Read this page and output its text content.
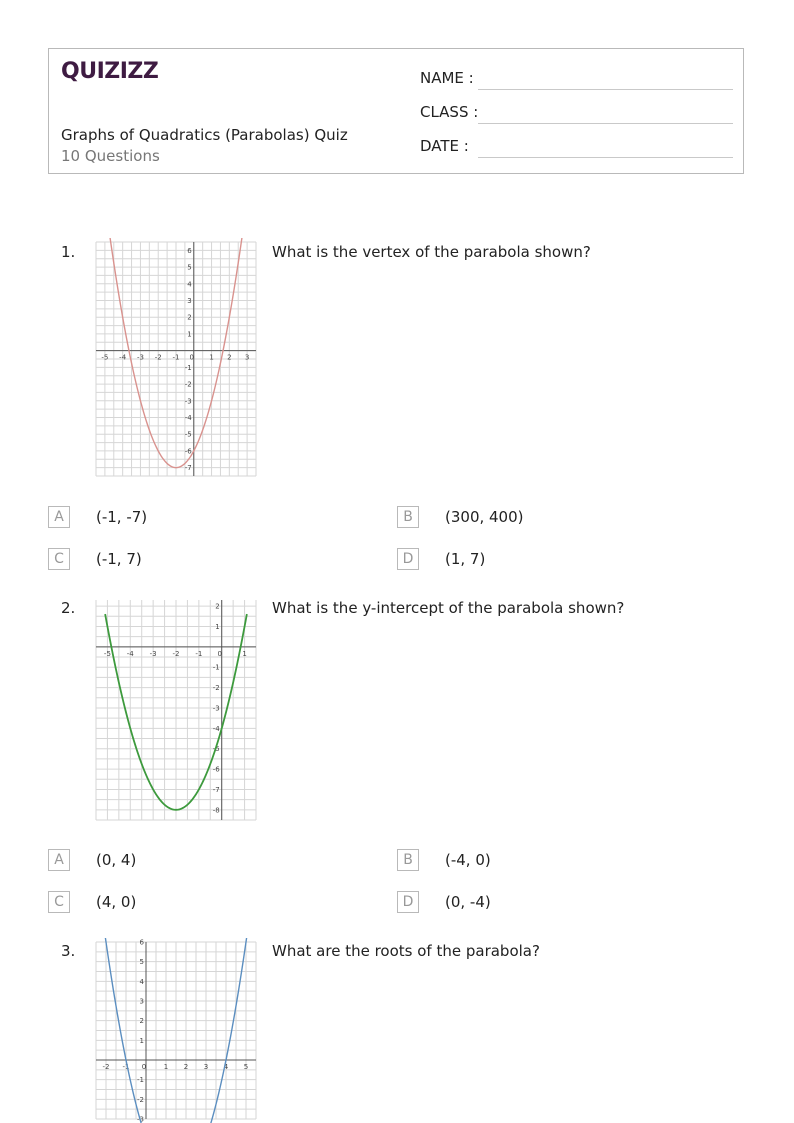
QUIZIZZ
Graphs of Quadratics (Parabolas) Quiz
10 Questions
NAME :
CLASS :
DATE :
1.
-5 -4 -3 -2 -1 0 1 2 3
6
5
4
3
2
1
-1
-2
-3
-4
-5
-6
-7
What is the vertex of the parabola shown?
A	(-1, -7)	B	(300, 400)
C	(-1, 7)	D	(1, 7)
2.
-5 -4 -3 -2 -1 0	1
2
1
-1
-2
-3
-4
-5
-6
-7
-8
What is the y-intercept of the parabola shown?
A	(0, 4)	B	(-4, 0)
C	(4, 0)	D	(0, -4)
3.
-2 -1 0	1 2 3 4 5
6
5
4
3
2
1
-1
-2
-3
What are the roots of the parabola?
